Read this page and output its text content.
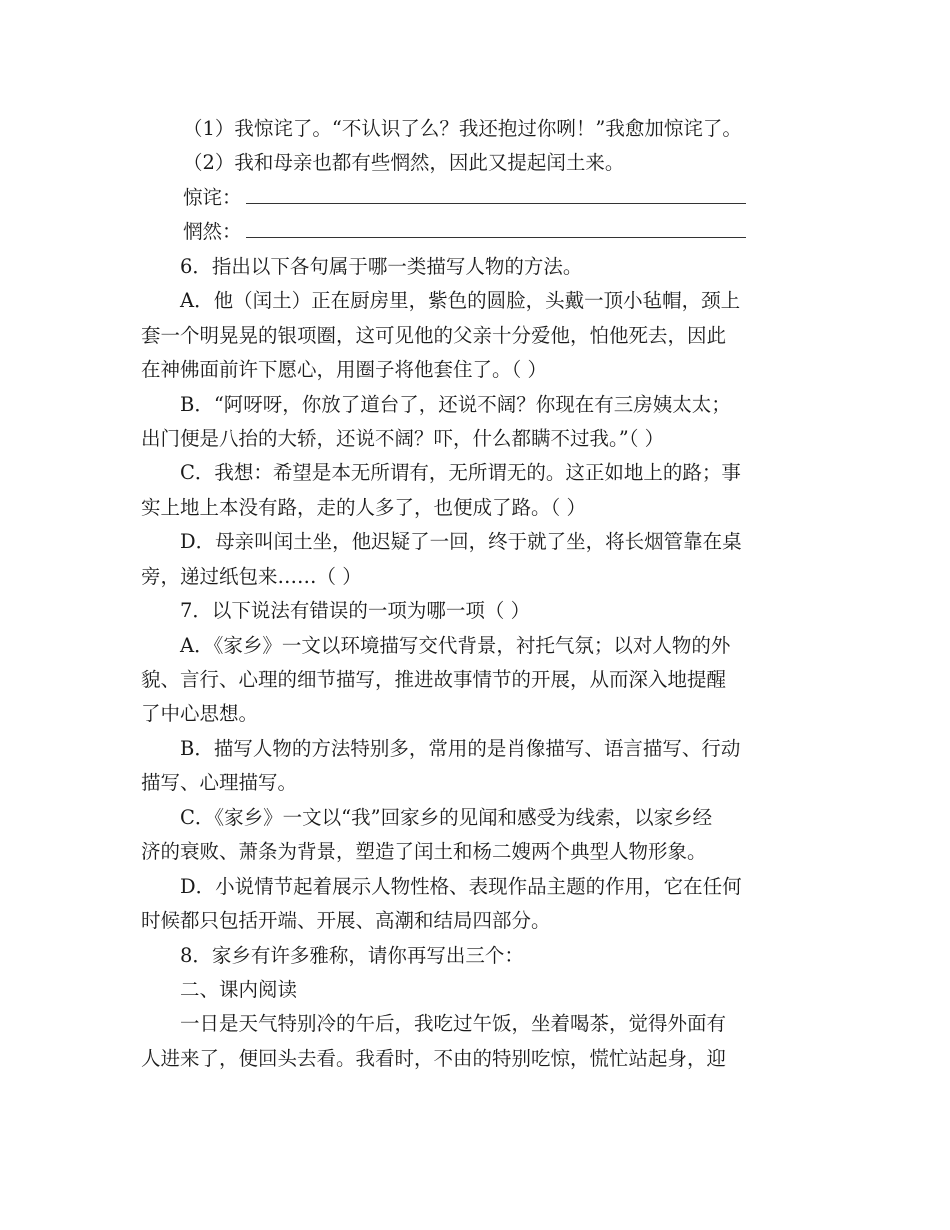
（1）我惊诧了。“不认识了么？我还抱过你咧！”我愈加惊诧了。
（2）我和母亲也都有些惘然，因此又提起闰土来。
惊诧：
惘然：
6．指出以下各句属于哪一类描写人物的方法。
A．他（闰土）正在厨房里，紫色的圆脸，头戴一顶小毡帽，颈上
套一个明晃晃的银项圈，这可见他的父亲十分爱他，怕他死去，因此
在神佛面前许下愿心，用圈子将他套住了。（ ）
B．“阿呀呀，你放了道台了，还说不阔？你现在有三房姨太太；
出门便是八抬的大轿，还说不阔？吓，什么都瞒不过我。”（ ）
C．我想：希望是本无所谓有，无所谓无的。这正如地上的路；事
实上地上本没有路，走的人多了，也便成了路。（ ）
D．母亲叫闰土坐，他迟疑了一回，终于就了坐，将长烟管靠在桌
旁，递过纸包来……（ ）
7．以下说法有错误的一项为哪一项（ ）
A．《家乡》一文以环境描写交代背景，衬托气氛；以对人物的外
貌、言行、心理的细节描写，推进故事情节的开展，从而深入地提醒
了中心思想。
B．描写人物的方法特别多，常用的是肖像描写、语言描写、行动
描写、心理描写。
C．《家乡》一文以“我”回家乡的见闻和感受为线索，以家乡经
济的衰败、萧条为背景，塑造了闰土和杨二嫂两个典型人物形象。
D．小说情节起着展示人物性格、表现作品主题的作用，它在任何
时候都只包括开端、开展、高潮和结局四部分。
8．家乡有许多雅称，请你再写出三个：
二、课内阅读
一日是天气特别冷的午后，我吃过午饭，坐着喝茶，觉得外面有
人进来了，便回头去看。我看时，不由的特别吃惊，慌忙站起身，迎
